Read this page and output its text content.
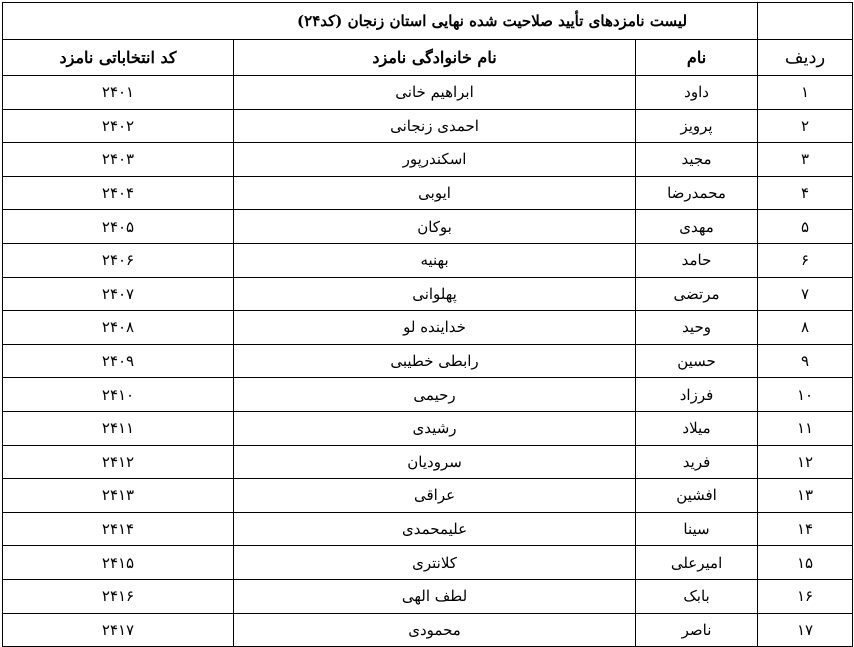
	لیست نامزدهای تأیید صلاحیت شده نهایی استان زنجان (کد۲۴)		
ردیف	نام	نام خانوادگی نامزد	کد انتخاباتی نامزد
۱	داود	ابراهیم خانی	۲۴۰۱
۲	پرویز	احمدی زنجانی	۲۴۰۲
۳	مجید	اسکندرپور	۲۴۰۳
۴	محمدرضا	ایوبی	۲۴۰۴
۵	مهدی	بوکان	۲۴۰۵
۶	حامد	بهنیه	۲۴۰۶
۷	مرتضی	پهلوانی	۲۴۰۷
۸	وحید	خداینده لو	۲۴۰۸
۹	حسین	رابطی خطیبی	۲۴۰۹
۱۰	فرزاد	رحیمی	۲۴۱۰
۱۱	میلاد	رشیدی	۲۴۱۱
۱۲	فرید	سرودیان	۲۴۱۲
۱۳	افشین	عراقی	۲۴۱۳
۱۴	سینا	علیمحمدی	۲۴۱۴
۱۵	امیرعلی	کلانتری	۲۴۱۵
۱۶	بابک	لطف الهی	۲۴۱۶
۱۷	ناصر	محمودی	۲۴۱۷
